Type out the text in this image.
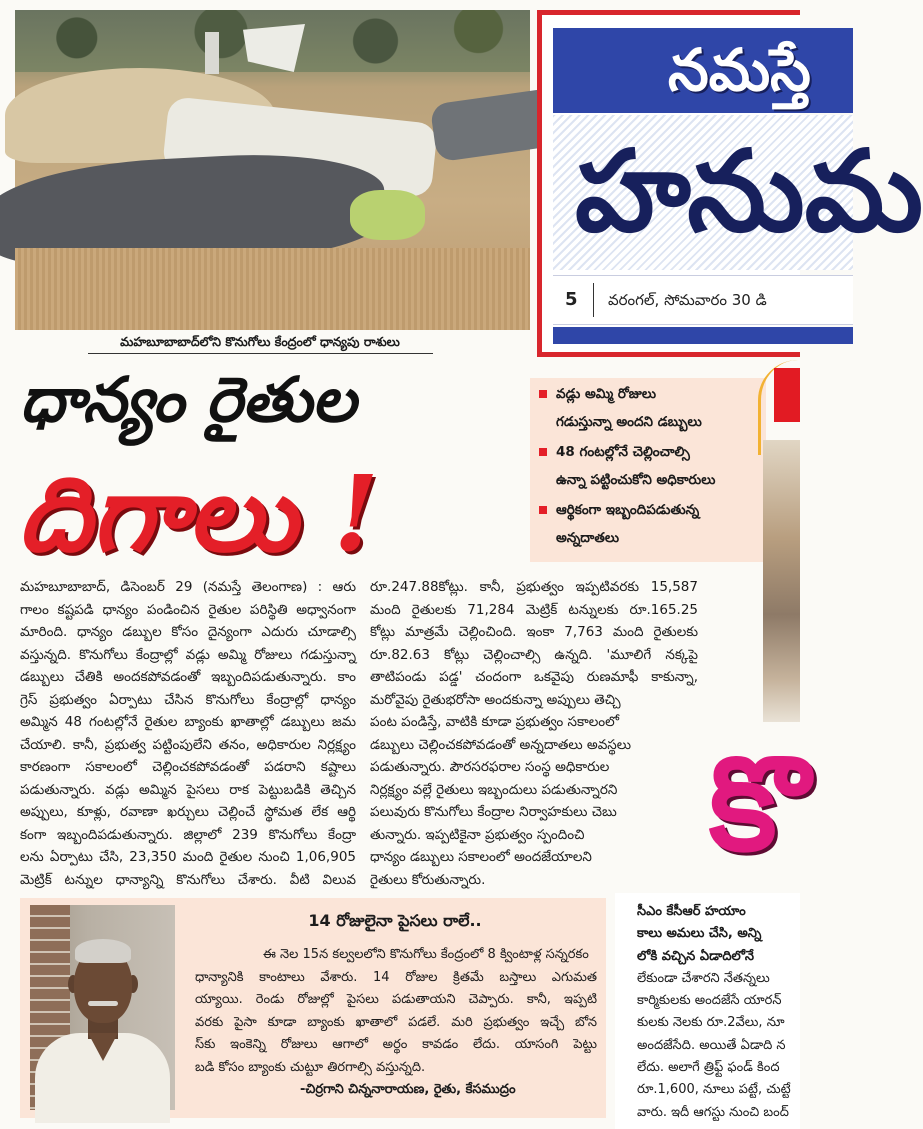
మహబూబాబాద్‌లోని కొనుగోలు కేంద్రంలో ధాన్యపు రాశులు
నమస్తే
హనుమ
5 వరంగల్, సోమవారం 30 డి
ధాన్యం రైతుల
దిగాలు !
వడ్లు అమ్మి రోజులు
గడుస్తున్నా అందని డబ్బులు
48 గంటల్లోనే చెల్లించాల్సి
ఉన్నా పట్టించుకోని అధికారులు
ఆర్థికంగా ఇబ్బందిపడుతున్న
అన్నదాతలు
కొ
మహబూబాబాద్, డిసెంబర్ 29 (నమస్తే తెలంగాణ) : ఆరు
గాలం కష్టపడి ధాన్యం పండించిన రైతుల పరిస్థితి అధ్వానంగా
మారింది. ధాన్యం డబ్బుల కోసం దైన్యంగా ఎదురు చూడాల్సి
వస్తున్నది. కొనుగోలు కేంద్రాల్లో వడ్లు అమ్మి రోజులు గడుస్తున్నా
డబ్బులు చేతికి అందకపోవడంతో ఇబ్బందిపడుతున్నారు. కాం
గ్రెస్ ప్రభుత్వం ఏర్పాటు చేసిన కొనుగోలు కేంద్రాల్లో ధాన్యం
అమ్మిన 48 గంటల్లోనే రైతుల బ్యాంకు ఖాతాల్లో డబ్బులు జమ
చేయాలి. కానీ, ప్రభుత్వ పట్టింపులేని తనం, అధికారుల నిర్లక్ష్యం
కారణంగా సకాలంలో చెల్లించకపోవడంతో పడరాని కష్టాలు
పడుతున్నారు. వడ్లు అమ్మిన పైసలు రాక పెట్టుబడికి తెచ్చిన
అప్పులు, కూళ్లు, రవాణా ఖర్చులు చెల్లించే స్థోమత లేక ఆర్థి
కంగా ఇబ్బందిపడుతున్నారు. జిల్లాలో 239 కొనుగోలు కేంద్రా
లను ఏర్పాటు చేసి, 23,350 మంది రైతుల నుంచి 1,06,905
మెట్రిక్ టన్నుల ధాన్యాన్ని కొనుగోలు చేశారు. వీటి విలువ
రూ.247.88కోట్లు. కానీ, ప్రభుత్వం ఇప్పటివరకు 15,587
మంది రైతులకు 71,284 మెట్రిక్ టన్నులకు రూ.165.25
కోట్లు మాత్రమే చెల్లించింది. ఇంకా 7,763 మంది రైతులకు
రూ.82.63 కోట్లు చెల్లించాల్సి ఉన్నది. 'మూలిగే నక్కపై
తాటిపండు పడ్డ' చందంగా ఒకవైపు రుణమాఫీ కాకున్నా,
మరోవైపు రైతుభరోసా అందకున్నా అప్పులు తెచ్చి
పంట పండిస్తే, వాటికి కూడా ప్రభుత్వం సకాలంలో
డబ్బులు చెల్లించకపోవడంతో అన్నదాతలు అవస్థలు
పడుతున్నారు. పౌరసరఫరాల సంస్థ అధికారుల
నిర్లక్ష్యం వల్లే రైతులు ఇబ్బందులు పడుతున్నారని
పలువురు కొనుగోలు కేంద్రాల నిర్వాహకులు చెబు
తున్నారు. ఇప్పటికైనా ప్రభుత్వం స్పందించి
ధాన్యం డబ్బులు సకాలంలో అందజేయాలని
రైతులు కోరుతున్నారు.
14 రోజులైనా పైసలు రాలే..
ఈ నెల 15న కల్వలలోని కొనుగోలు కేంద్రంలో 8 క్వింటాళ్ల సన్నరకం
ధాన్యానికి కాంటాలు వేశారు. 14 రోజుల క్రితమే బస్తాలు ఎగుమత
య్యాయి. రెండు రోజుల్లో పైసలు పడుతాయని చెప్పారు. కానీ, ఇప్పటి
వరకు పైసా కూడా బ్యాంకు ఖాతాలో పడలే. మరి ప్రభుత్వం ఇచ్చే బోన
స్‌కు ఇంకెన్ని రోజులు ఆగాలో అర్థం కావడం లేదు. యాసంగి పెట్టు
బడి కోసం బ్యాంకు చుట్టూ తిరగాల్సి వస్తున్నది.
-చిర్రగాని చిన్ననారాయణ, రైతు, కేసముద్రం
సీఎం కేసీఆర్ హయాం
కాలు అమలు చేసి, అన్ని
లోకి వచ్చిన ఏడాదిలోనే
లేకుండా చేశారని నేతన్నలు
కార్మికులకు అందజేసే యారన్
కులకు నెలకు రూ.2వేలు, నూ
అందజేసేది. అయితే ఏడాది న
లేదు. అలాగే త్రిఫ్ట్ ఫండ్ కింద
రూ.1,600, నూలు పట్టే, చుట్టే
వారు. ఇదీ ఆగస్టు నుంచి బంద్
